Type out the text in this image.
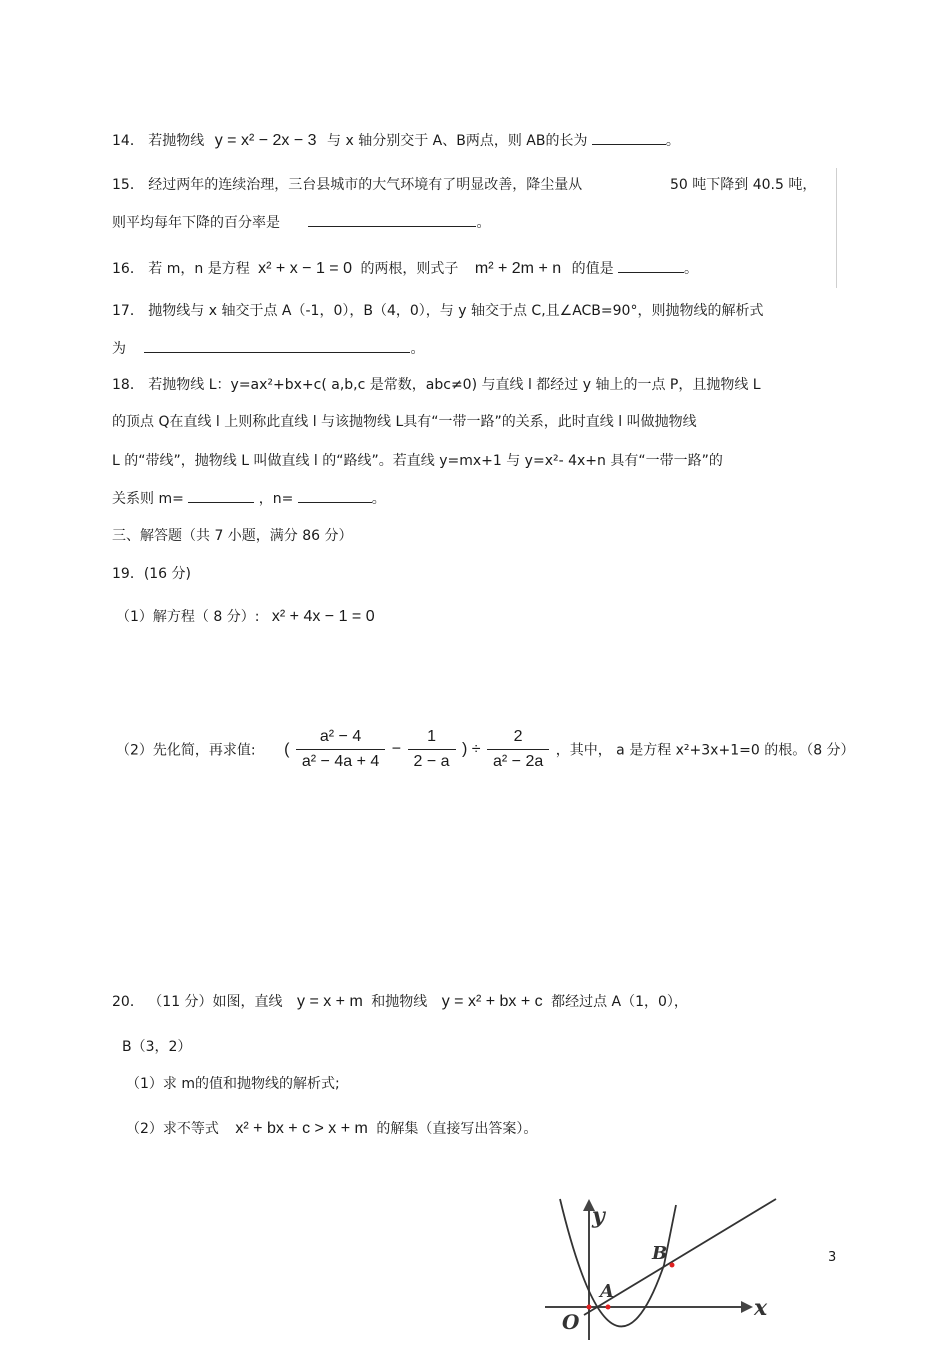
14． 若抛物线 y = x² − 2x − 3 与 x 轴分别交于 A、B两点，则 AB的长为	。
15． 经过两年的连续治理，三台县城市的大气环境有了明显改善，降尘量从	50 吨下降到 40.5 吨，
则平均每年下降的百分率是	。
16． 若 m，n 是方程 x² + x − 1 = 0 的两根，则式子 m² + 2m + n 的值是	。
17． 抛物线与 x 轴交于点 A（-1，0），B（4，0），与 y 轴交于点 C,且∠ACB=90°，则抛物线的解析式
为	。
18． 若抛物线 L：y=ax²+bx+c( a,b,c 是常数，abc≠0) 与直线 l 都经过 y 轴上的一点 P，且抛物线 L
的顶点 Q在直线 l 上则称此直线 l 与该抛物线 L具有“一带一路”的关系，此时直线 l 叫做抛物线
L 的“带线”，抛物线 L 叫做直线 l 的“路线”。若直线 y=mx+1 与 y=x²- 4x+n 具有“一带一路”的
关系则 m=	，n=	。
三、解答题（共 7 小题，满分 86 分）
19．(16 分)
（1）解方程（ 8 分）: x² + 4x − 1 = 0
（2）先化简，再求值: ( $\frac{\text{a² − 4}}{\text{a² − 4a + 4}} - \frac{1}{2 - a}$ ) ÷ $\frac{2}{\text{a² − 2a}}$ ，其中， a 是方程 x²+3x+1=0 的根。（8 分）
20． （11 分）如图，直线 y = x + m 和抛物线 y = x² + bx + c 都经过点 A（1，0），
B（3，2）
（1）求 m的值和抛物线的解析式;
（2）求不等式 x² + bx + c > x + m 的解集（直接写出答案）。
y
x
O
A
B	3
